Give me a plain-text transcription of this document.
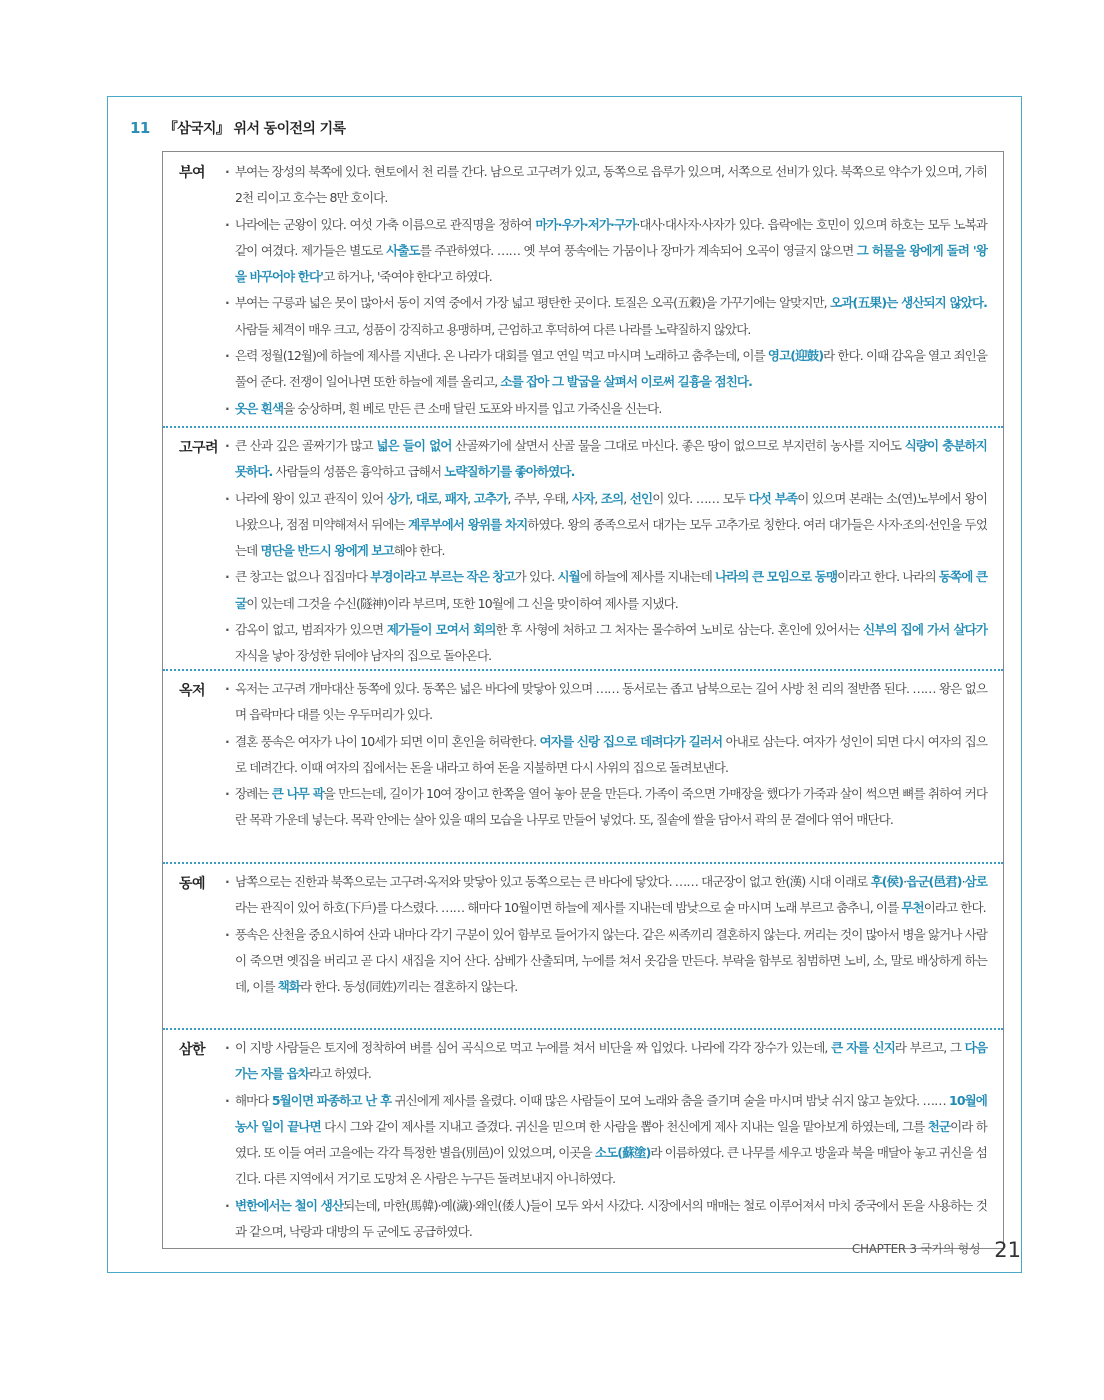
11 『삼국지』 위서 동이전의 기록
부여	· 부여는 장성의 북쪽에 있다. 현토에서 천 리를 간다. 남으로 고구려가 있고, 동쪽으로 읍루가 있으며, 서쪽으로 선비가 있다. 북쪽으로 약수가 있으며, 가히 2천 리이고 호수는 8만 호이다.
· 나라에는 군왕이 있다. 여섯 가축 이름으로 관직명을 정하여 마가·우가·저가·구가·대사·대사자·사자가 있다. 읍락에는 호민이 있으며 하호는 모두 노복과 같이 여겼다. 제가들은 별도로 사출도를 주관하였다. …… 옛 부여 풍속에는 가뭄이나 장마가 계속되어 오곡이 영글지 않으면 그 허물을 왕에게 돌려 '왕을 바꾸어야 한다'고 하거나, '죽여야 한다'고 하였다.
· 부여는 구릉과 넓은 못이 많아서 동이 지역 중에서 가장 넓고 평탄한 곳이다. 토질은 오곡(五穀)을 가꾸기에는 알맞지만, 오과(五果)는 생산되지 않았다. 사람들 체격이 매우 크고, 성품이 강직하고 용맹하며, 근엄하고 후덕하여 다른 나라를 노략질하지 않았다.
· 은력 정월(12월)에 하늘에 제사를 지낸다. 온 나라가 대회를 열고 연일 먹고 마시며 노래하고 춤추는데, 이를 영고(迎鼓)라 한다. 이때 감옥을 열고 죄인을 풀어 준다. 전쟁이 일어나면 또한 하늘에 제를 올리고, 소를 잡아 그 발굽을 살펴서 이로써 길흉을 점친다.
· 옷은 흰색을 숭상하며, 흰 베로 만든 큰 소매 달린 도포와 바지를 입고 가죽신을 신는다.
고구려	· 큰 산과 깊은 골짜기가 많고 넓은 들이 없어 산골짜기에 살면서 산골 물을 그대로 마신다. 좋은 땅이 없으므로 부지런히 농사를 지어도 식량이 충분하지 못하다. 사람들의 성품은 흉악하고 급해서 노략질하기를 좋아하였다.
· 나라에 왕이 있고 관직이 있어 상가, 대로, 패자, 고추가, 주부, 우태, 사자, 조의, 선인이 있다. …… 모두 다섯 부족이 있으며 본래는 소(연)노부에서 왕이 나왔으나, 점점 미약해져서 뒤에는 계루부에서 왕위를 차지하였다. 왕의 종족으로서 대가는 모두 고추가로 칭한다. 여러 대가들은 사자·조의·선인을 두었는데 명단을 반드시 왕에게 보고해야 한다.
· 큰 창고는 없으나 집집마다 부경이라고 부르는 작은 창고가 있다. 시월에 하늘에 제사를 지내는데 나라의 큰 모임으로 동맹이라고 한다. 나라의 동쪽에 큰 굴이 있는데 그것을 수신(隧神)이라 부르며, 또한 10월에 그 신을 맞이하여 제사를 지냈다.
· 감옥이 없고, 범죄자가 있으면 제가들이 모여서 회의한 후 사형에 처하고 그 처자는 몰수하여 노비로 삼는다. 혼인에 있어서는 신부의 집에 가서 살다가 자식을 낳아 장성한 뒤에야 남자의 집으로 돌아온다.
옥저	· 옥저는 고구려 개마대산 동쪽에 있다. 동쪽은 넓은 바다에 맞닿아 있으며 …… 동서로는 좁고 남북으로는 길어 사방 천 리의 절반쯤 된다. …… 왕은 없으며 읍락마다 대를 잇는 우두머리가 있다.
· 결혼 풍속은 여자가 나이 10세가 되면 이미 혼인을 허락한다. 여자를 신랑 집으로 데려다가 길러서 아내로 삼는다. 여자가 성인이 되면 다시 여자의 집으로 데려간다. 이때 여자의 집에서는 돈을 내라고 하여 돈을 지불하면 다시 사위의 집으로 돌려보낸다.
· 장례는 큰 나무 곽을 만드는데, 길이가 10여 장이고 한쪽을 열어 놓아 문을 만든다. 가족이 죽으면 가매장을 했다가 가죽과 살이 썩으면 뼈를 취하여 커다란 목곽 가운데 넣는다. 목곽 안에는 살아 있을 때의 모습을 나무로 만들어 넣었다. 또, 질솥에 쌀을 담아서 곽의 문 곁에다 엮어 매단다.
동예	· 남쪽으로는 진한과 북쪽으로는 고구려·옥저와 맞닿아 있고 동쪽으로는 큰 바다에 닿았다. …… 대군장이 없고 한(漢) 시대 이래로 후(侯)·읍군(邑君)·삼로라는 관직이 있어 하호(下戶)를 다스렸다. …… 해마다 10월이면 하늘에 제사를 지내는데 밤낮으로 술 마시며 노래 부르고 춤추니, 이를 무천이라고 한다.
· 풍속은 산천을 중요시하여 산과 내마다 각기 구분이 있어 함부로 들어가지 않는다. 같은 씨족끼리 결혼하지 않는다. 꺼리는 것이 많아서 병을 앓거나 사람이 죽으면 옛집을 버리고 곧 다시 새집을 지어 산다. 삼베가 산출되며, 누에를 쳐서 옷감을 만든다. 부락을 함부로 침범하면 노비, 소, 말로 배상하게 하는데, 이를 책화라 한다. 동성(同姓)끼리는 결혼하지 않는다.
삼한	· 이 지방 사람들은 토지에 정착하여 벼를 심어 곡식으로 먹고 누에를 쳐서 비단을 짜 입었다. 나라에 각각 장수가 있는데, 큰 자를 신지라 부르고, 그 다음 가는 자를 읍차라고 하였다.
· 해마다 5월이면 파종하고 난 후 귀신에게 제사를 올렸다. 이때 많은 사람들이 모여 노래와 춤을 즐기며 술을 마시며 밤낮 쉬지 않고 놀았다. …… 10월에 농사 일이 끝나면 다시 그와 같이 제사를 지내고 즐겼다. 귀신을 믿으며 한 사람을 뽑아 천신에게 제사 지내는 일을 맡아보게 하였는데, 그를 천군이라 하였다. 또 이들 여러 고을에는 각각 특정한 별읍(別邑)이 있었으며, 이곳을 소도(蘇塗)라 이름하였다. 큰 나무를 세우고 방울과 북을 매달아 놓고 귀신을 섬긴다. 다른 지역에서 거기로 도망쳐 온 사람은 누구든 돌려보내지 아니하였다.
· 변한에서는 철이 생산되는데, 마한(馬韓)·예(濊)·왜인(倭人)들이 모두 와서 사갔다. 시장에서의 매매는 철로 이루어져서 마치 중국에서 돈을 사용하는 것과 같으며, 낙랑과 대방의 두 군에도 공급하였다.
$^{CHAPTER 3 국가의 형성}$ 21
